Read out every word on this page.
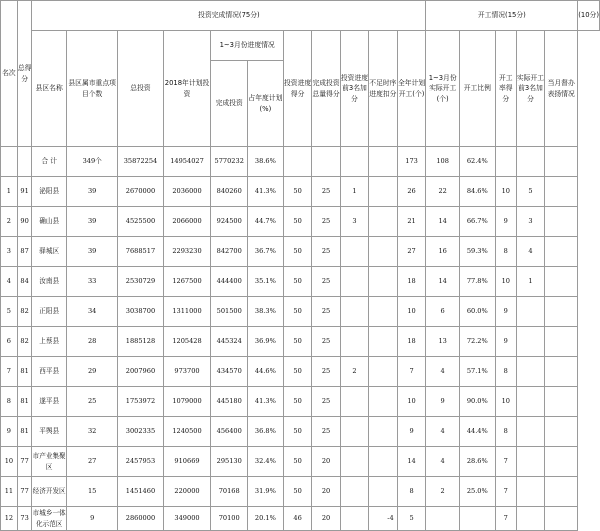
名次	总得分	投资完成情况(75分)											开工情况(15分)					(10分)
		县区名称	县区属市重点项目个数	总投资	2018年计划投资	1~3月份进度情况		投资进度得分	完成投资总量得分	投资进度前3名加分	不足时序进度扣分	全年计划开工(个)	1~3月份实际开工(个)	开工比例	开工率得分	实际开工前3名加分	当月督办表扬情况	
						完成投资	占年度计划(%)											
		合 计	349个	35872254	14954027	5770232	38.6%					173	108	62.4%				
1	91	泌阳县	39	2670000	2036000	840260	41.3%	50	25	1		26	22	84.6%	10	5		
2	90	确山县	39	4525500	2066000	924500	44.7%	50	25	3		21	14	66.7%	9	3		
3	87	驿城区	39	7688517	2293230	842700	36.7%	50	25			27	16	59.3%	8	4		
4	84	汝南县	33	2530729	1267500	444400	35.1%	50	25			18	14	77.8%	10	1		
5	82	正阳县	34	3038700	1311000	501500	38.3%	50	25			10	6	60.0%	9			
6	82	上蔡县	28	1885128	1205428	445324	36.9%	50	25			18	13	72.2%	9			
7	81	西平县	29	2007960	973700	434570	44.6%	50	25	2		7	4	57.1%	8			
8	81	遂平县	25	1753972	1079000	445180	41.3%	50	25			10	9	90.0%	10			
9	81	平舆县	32	3002335	1240500	456400	36.8%	50	25			9	4	44.4%	8			
10	77	市产业集聚区	27	2457953	910669	295130	32.4%	50	20			14	4	28.6%	7			
11	77	经济开发区	15	1451460	220000	70168	31.9%	50	20			8	2	25.0%	7			
12	73	市城乡一体化示范区	9	2860000	349000	70100	20.1%	46	20		-4	5			7			
